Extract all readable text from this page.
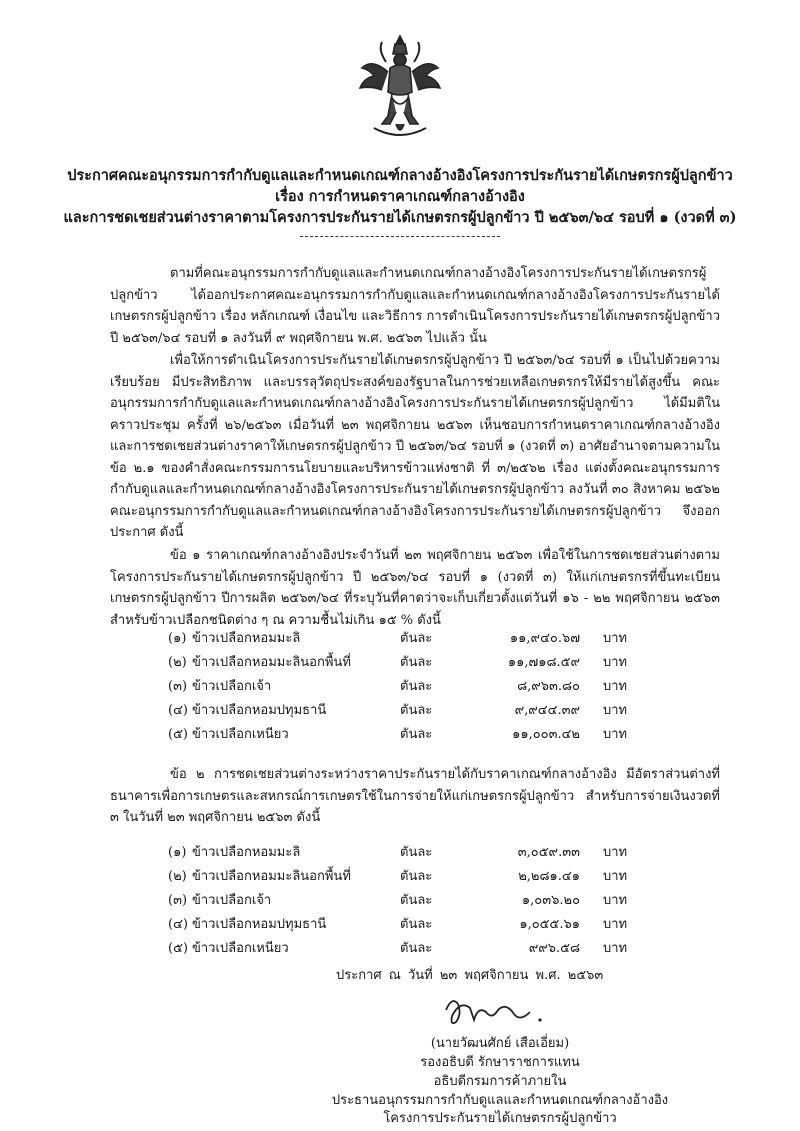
ประกาศคณะอนุกรรมการกำกับดูแลและกำหนดเกณฑ์กลางอ้างอิงโครงการประกันรายได้เกษตรกรผู้ปลูกข้าว
เรื่อง การกำหนดราคาเกณฑ์กลางอ้างอิง
และการชดเชยส่วนต่างราคาตามโครงการประกันรายได้เกษตรกรผู้ปลูกข้าว ปี ๒๕๖๓/๖๔ รอบที่ ๑ (งวดที่ ๓)
ตามที่คณะอนุกรรมการกำกับดูแลและกำหนดเกณฑ์กลางอ้างอิงโครงการประกันรายได้เกษตรกรผู้ปลูกข้าว ได้ออกประกาศคณะอนุกรรมการกำกับดูแลและกำหนดเกณฑ์กลางอ้างอิงโครงการประกันรายได้เกษตรกรผู้ปลูกข้าว เรื่อง หลักเกณฑ์ เงื่อนไข และวิธีการ การดำเนินโครงการประกันรายได้เกษตรกรผู้ปลูกข้าว ปี ๒๕๖๓/๖๔ รอบที่ ๑ ลงวันที่ ๙ พฤศจิกายน พ.ศ. ๒๕๖๓ ไปแล้ว นั้น
เพื่อให้การดำเนินโครงการประกันรายได้เกษตรกรผู้ปลูกข้าว ปี ๒๕๖๓/๖๔ รอบที่ ๑ เป็นไปด้วยความเรียบร้อย มีประสิทธิภาพ และบรรลุวัตถุประสงค์ของรัฐบาลในการช่วยเหลือเกษตรกรให้มีรายได้สูงขึ้น คณะอนุกรรมการกำกับดูแลและกำหนดเกณฑ์กลางอ้างอิงโครงการประกันรายได้เกษตรกรผู้ปลูกข้าว ได้มีมติในคราวประชุม ครั้งที่ ๒๖/๒๕๖๓ เมื่อวันที่ ๒๓ พฤศจิกายน ๒๕๖๓ เห็นชอบการกำหนดราคาเกณฑ์กลางอ้างอิงและการชดเชยส่วนต่างราคาให้เกษตรกรผู้ปลูกข้าว ปี ๒๕๖๓/๖๔ รอบที่ ๑ (งวดที่ ๓) อาศัยอำนาจตามความในข้อ ๒.๑ ของคำสั่งคณะกรรมการนโยบายและบริหารข้าวแห่งชาติ ที่ ๓/๒๕๖๒ เรื่อง แต่งตั้งคณะอนุกรรมการกำกับดูแลและกำหนดเกณฑ์กลางอ้างอิงโครงการประกันรายได้เกษตรกรผู้ปลูกข้าว ลงวันที่ ๓๐ สิงหาคม ๒๕๖๒ คณะอนุกรรมการกำกับดูแลและกำหนดเกณฑ์กลางอ้างอิงโครงการประกันรายได้เกษตรกรผู้ปลูกข้าว จึงออกประกาศ ดังนี้
ข้อ ๑ ราคาเกณฑ์กลางอ้างอิงประจำวันที่ ๒๓ พฤศจิกายน ๒๕๖๓ เพื่อใช้ในการชดเชยส่วนต่างตามโครงการประกันรายได้เกษตรกรผู้ปลูกข้าว ปี ๒๕๖๓/๖๔ รอบที่ ๑ (งวดที่ ๓) ให้แก่เกษตรกรที่ขึ้นทะเบียนเกษตรกรผู้ปลูกข้าว ปีการผลิต ๒๕๖๓/๖๔ ที่ระบุวันที่คาดว่าจะเก็บเกี่ยวตั้งแต่วันที่ ๑๖ - ๒๒ พฤศจิกายน ๒๕๖๓ สำหรับข้าวเปลือกชนิดต่าง ๆ ณ ความชื้นไม่เกิน ๑๕ % ดังนี้
(๑) ข้าวเปลือกหอมมะลิ	ตันละ	๑๑,๙๔๐.๖๗ บาท
(๒) ข้าวเปลือกหอมมะลินอกพื้นที่	ตันละ	๑๑,๗๑๘.๕๙ บาท
(๓) ข้าวเปลือกเจ้า	ตันละ	๘,๙๖๓.๘๐ บาท
(๔) ข้าวเปลือกหอมปทุมธานี	ตันละ	๙,๙๔๔.๓๙ บาท
(๕) ข้าวเปลือกเหนียว	ตันละ	๑๑,๐๐๓.๔๒ บาท
ข้อ ๒ การชดเชยส่วนต่างระหว่างราคาประกันรายได้กับราคาเกณฑ์กลางอ้างอิง มีอัตราส่วนต่างที่ธนาคารเพื่อการเกษตรและสหกรณ์การเกษตรใช้ในการจ่ายให้แก่เกษตรกรผู้ปลูกข้าว สำหรับการจ่ายเงินงวดที่ ๓ ในวันที่ ๒๓ พฤศจิกายน ๒๕๖๓ ดังนี้
(๑) ข้าวเปลือกหอมมะลิ	ตันละ	๓,๐๕๙.๓๓ บาท
(๒) ข้าวเปลือกหอมมะลินอกพื้นที่	ตันละ	๒,๒๘๑.๔๑ บาท
(๓) ข้าวเปลือกเจ้า	ตันละ	๑,๐๓๖.๒๐ บาท
(๔) ข้าวเปลือกหอมปทุมธานี	ตันละ	๑,๐๕๕.๖๑ บาท
(๕) ข้าวเปลือกเหนียว	ตันละ	๙๙๖.๕๘ บาท
ประกาศ ณ วันที่ ๒๓ พฤศจิกายน พ.ศ. ๒๕๖๓
(นายวัฒนศักย์ เสือเอี่ยม)
รองอธิบดี รักษาราชการแทน
อธิบดีกรมการค้าภายใน
ประธานอนุกรรมการกำกับดูแลและกำหนดเกณฑ์กลางอ้างอิง
โครงการประกันรายได้เกษตรกรผู้ปลูกข้าว
